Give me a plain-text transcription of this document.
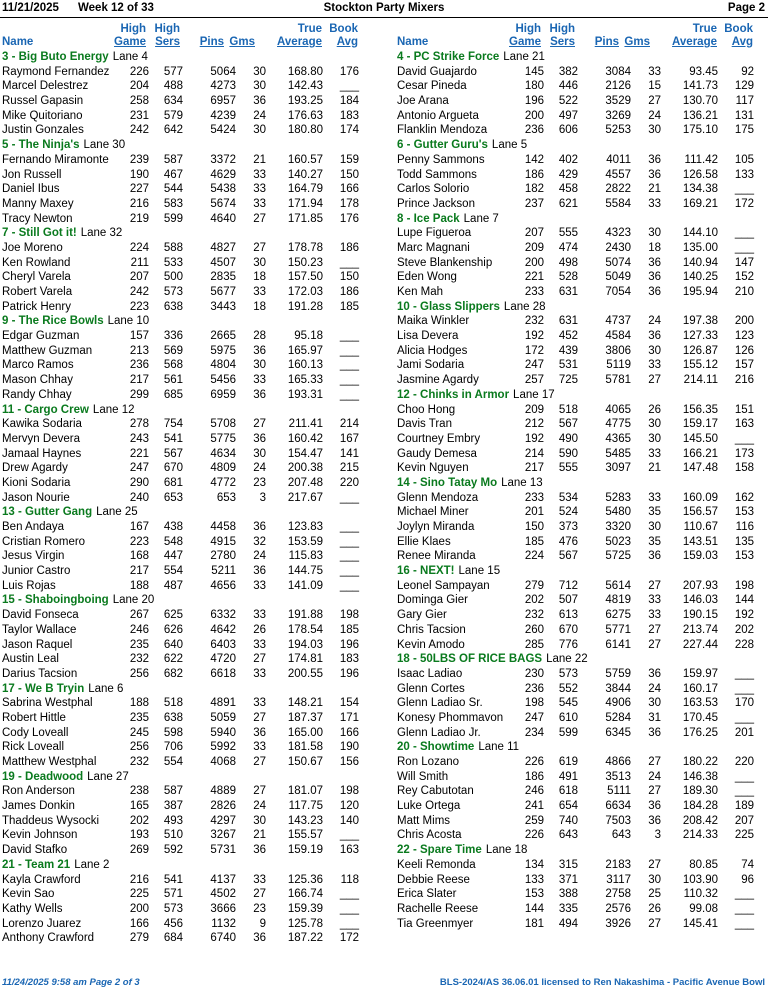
11/21/2025 Week 12 of 33	Stockton Party Mixers	Page 2
Name
High
Game
High
Sers Pins Gms
True
Average
Book
Avg
3 - Big Buto Energy Lane 4
Raymond Fernandez 226 577 5064 30 168.80 176
Marcel Delestrez	204 488 4273 30 142.43 ___
Russel Gapasin	258 634 6957 36 193.25 184
Mike Quitoriano	231 579 4239 24 176.63 183
Justin Gonzales	242 642 5424 30 180.80 174
5 - The Ninja's Lane 30
Fernando Miramonte 239 587 3372 21 160.57 159
Jon Russell	190 467 4629 33 140.27 150
Daniel Ibus	227 544 5438 33 164.79 166
Manny Maxey	216 583 5674 33 171.94 178
Tracy Newton	219 599 4640 27 171.85 176
7 - Still Got it! Lane 32
Joe Moreno	224 588 4827 27 178.78 186
Ken Rowland	211 533 4507 30 150.23 ___
Cheryl Varela	207 500 2835 18 157.50 150
Robert Varela	242 573 5677 33 172.03 186
Patrick Henry	223 638 3443 18 191.28 185
9 - The Rice Bowls Lane 10
Edgar Guzman	157 336 2665 28 95.18 ___
Matthew Guzman	213 569 5975 36 165.97 ___
Marco Ramos	236 568 4804 30 160.13 ___
Mason Chhay	217 561 5456 33 165.33 ___
Randy Chhay	299 685 6959 36 193.31 ___
11 - Cargo Crew Lane 12
Kawika Sodaria	278 754 5708 27 211.41 214
Mervyn Devera	243 541 5775 36 160.42 167
Jamaal Haynes	221 567 4634 30 154.47 141
Drew Agardy	247 670 4809 24 200.38 215
Kioni Sodaria	290 681 4772 23 207.48 220
Jason Nourie	240 653	653 3 217.67 ___
13 - Gutter Gang Lane 25
Ben Andaya	167 438 4458 36 123.83 ___
Cristian Romero	223 548 4915 32 153.59 ___
Jesus Virgin	168 447 2780 24 115.83 ___
Junior Castro	217 554 5211 36 144.75 ___
Luis Rojas	188 487 4656 33 141.09 ___
15 - Shaboingboing Lane 20
David Fonseca	267 625 6332 33 191.88 198
Taylor Wallace	246 626 4642 26 178.54 185
Jason Raquel	235 640 6403 33 194.03 196
Austin Leal	232 622 4720 27 174.81 183
Darius Tacsion	256 682 6618 33 200.55 196
17 - We B Tryin Lane 6
Sabrina Westphal	188 518 4891 33 148.21 154
Robert Hittle	235 638 5059 27 187.37 171
Cody Loveall	245 598 5940 36 165.00 166
Rick Loveall	256 706 5992 33 181.58 190
Matthew Westphal	232 554 4068 27 150.67 156
19 - Deadwood Lane 27
Ron Anderson	238 587 4889 27 181.07 198
James Donkin	165 387 2826 24 117.75 120
Thaddeus Wysocki	202 493 4297 30 143.23 140
Kevin Johnson	193 510 3267 21 155.57 ___
David Stafko	269 592 5731 36 159.19 163
21 - Team 21 Lane 2
Kayla Crawford	216 541 4137 33 125.36 118
Kevin Sao	225 571 4502 27 166.74 ___
Kathy Wells	200 573 3666 23 159.39 ___
Lorenzo Juarez	166 456 1132 9 125.78 ___
Anthony Crawford	279 684 6740 36 187.22 172
Name
High
Game
High
Sers Pins Gms
True
Average
Book
Avg
4 - PC Strike Force Lane 21
David Guajardo	145 382 3084 33 93.45 92
Cesar Pineda	180 446 2126 15 141.73 129
Joe Arana	196 522 3529 27 130.70 117
Antonio Argueta	200 497 3269 24 136.21 131
Flanklin Mendoza	236 606 5253 30 175.10 175
6 - Gutter Guru's Lane 5
Penny Sammons	142 402 4011 36 111.42 105
Todd Sammons	186 429 4557 36 126.58 133
Carlos Solorio	182 458 2822 21 134.38 ___
Prince Jackson	237 621 5584 33 169.21 172
8 - Ice Pack Lane 7
Lupe Figueroa	207 555 4323 30 144.10 ___
Marc Magnani	209 474 2430 18 135.00 ___
Steve Blankenship	200 498 5074 36 140.94 147
Eden Wong	221 528 5049 36 140.25 152
Ken Mah	233 631 7054 36 195.94 210
10 - Glass Slippers Lane 28
Maika Winkler	232 631 4737 24 197.38 200
Lisa Devera	192 452 4584 36 127.33 123
Alicia Hodges	172 439 3806 30 126.87 126
Jami Sodaria	247 531 5119 33 155.12 157
Jasmine Agardy	257 725 5781 27 214.11 216
12 - Chinks in Armor Lane 17
Choo Hong	209 518 4065 26 156.35 151
Davis Tran	212 567 4775 30 159.17 163
Courtney Embry	192 490 4365 30 145.50 ___
Gaudy Demesa	214 590 5485 33 166.21 173
Kevin Nguyen	217 555 3097 21 147.48 158
14 - Sino Tatay Mo Lane 13
Glenn Mendoza	233 534 5283 33 160.09 162
Michael Miner	201 524 5480 35 156.57 153
Joylyn Miranda	150 373 3320 30 110.67 116
Ellie Klaes	185 476 5023 35 143.51 135
Renee Miranda	224 567 5725 36 159.03 153
16 - NEXT! Lane 15
Leonel Sampayan	279 712 5614 27 207.93 198
Dominga Gier	202 507 4819 33 146.03 144
Gary Gier	232 613 6275 33 190.15 192
Chris Tacsion	260 670 5771 27 213.74 202
Kevin Amodo	285 776 6141 27 227.44 228
18 - 50LBS OF RICE BAGS Lane 22
Isaac Ladiao	230 573 5759 36 159.97 ___
Glenn Cortes	236 552 3844 24 160.17 ___
Glenn Ladiao Sr.	198 545 4906 30 163.53 170
Konesy Phommavon 247 610 5284 31 170.45 ___
Glenn Ladiao Jr.	234 599 6345 36 176.25 201
20 - Showtime Lane 11
Ron Lozano	226 619 4866 27 180.22 220
Will Smith	186 491 3513 24 146.38 ___
Rey Cabutotan	246 618	5111 27 189.30 ___
Luke Ortega	241 654 6634 36 184.28 189
Matt Mims	259 740 7503 36 208.42 207
Chris Acosta	226 643	643 3 214.33 225
22 - Spare Time Lane 18
Keeli Remonda	134 315 2183 27 80.85 74
Debbie Reese	133 371 3117 30 103.90 96
Erica Slater	153 388 2758 25 110.32 ___
Rachelle Reese	144 335 2576 26 99.08 ___
Tia Greenmyer	181 494 3926 27 145.41 ___
11/24/2025 9:58 am Page 2 of 3	BLS-2024/AS 36.06.01 licensed to Ren Nakashima - Pacific Avenue Bowl
